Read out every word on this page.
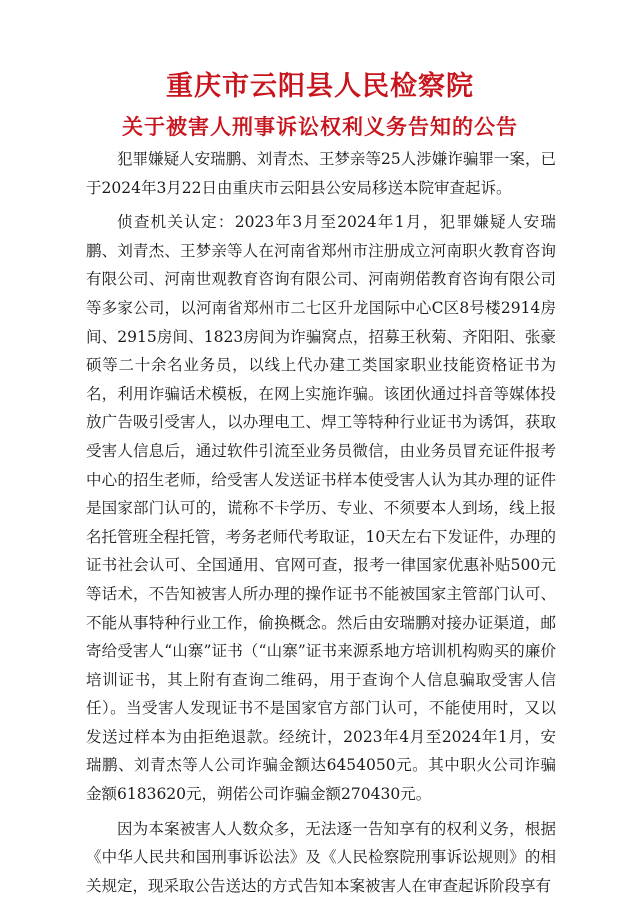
重庆市云阳县人民检察院
关于被害人刑事诉讼权利义务告知的公告

犯罪嫌疑人安瑞鹏、刘青杰、王梦亲等25人涉嫌诈骗罪一案，已于2024年3月22日由重庆市云阳县公安局移送本院审查起诉。

侦查机关认定：2023年3月至2024年1月，犯罪嫌疑人安瑞鹏、刘青杰、王梦亲等人在河南省郑州市注册成立河南职火教育咨询有限公司、河南世观教育咨询有限公司、河南朔偌教育咨询有限公司等多家公司，以河南省郑州市二七区升龙国际中心C区8号楼2914房间、2915房间、1823房间为诈骗窝点，招募王秋菊、齐阳阳、张豪硕等二十余名业务员，以线上代办建工类国家职业技能资格证书为名，利用诈骗话术模板，在网上实施诈骗。该团伙通过抖音等媒体投放广告吸引受害人，以办理电工、焊工等特种行业证书为诱饵，获取受害人信息后，通过软件引流至业务员微信，由业务员冒充证件报考中心的招生老师，给受害人发送证书样本使受害人认为其办理的证件是国家部门认可的，谎称不卡学历、专业、不须要本人到场，线上报名托管班全程托管，考务老师代考取证，10天左右下发证件，办理的证书社会认可、全国通用、官网可查，报考一律国家优惠补贴500元等话术，不告知被害人所办理的操作证书不能被国家主管部门认可、不能从事特种行业工作，偷换概念。然后由安瑞鹏对接办证渠道，邮寄给受害人“山寨”证书（“山寨”证书来源系地方培训机构购买的廉价培训证书，其上附有查询二维码，用于查询个人信息骗取受害人信任）。当受害人发现证书不是国家官方部门认可，不能使用时，又以发送过样本为由拒绝退款。经统计，2023年4月至2024年1月，安瑞鹏、刘青杰等人公司诈骗金额达6454050元。其中职火公司诈骗金额6183620元，朔偌公司诈骗金额270430元。

因为本案被害人人数众多，无法逐一告知享有的权利义务，根据《中华人民共和国刑事诉讼法》及《人民检察院刑事诉讼规则》的相关规定，现采取公告送达的方式告知本案被害人在审查起诉阶段享有
